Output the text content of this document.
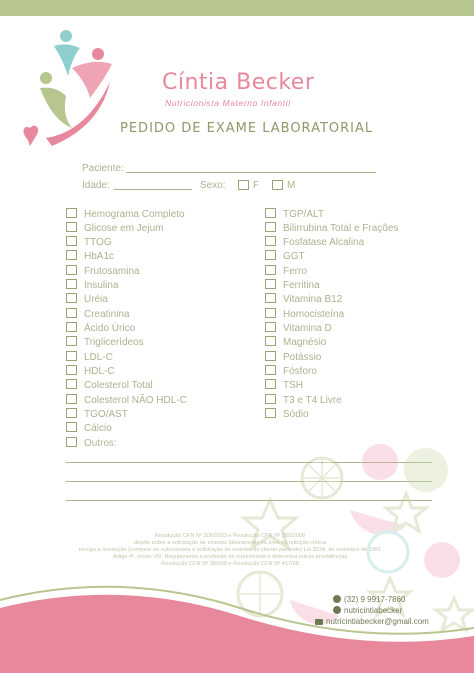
Cíntia Becker
Nutricionista Materno Infantil
PEDIDO DE EXAME LABORATORIAL
Paciente:
Idade:	Sexo:	F	M
Hemograma Completo
Glicose em Jejum
TTOG
HbA1c
Frutosamina
Insulina
Uréia
Creatinina
Ácido Úrico
Triglicerídeos
LDL-C
HDL-C
Colesterol Total
Colesterol NÃO HDL-C
TGO/AST
Cálcio
Outros:
TGP/ALT
Bilirrubina Total e Frações
Fosfatase Alcalina
GGT
Ferro
Ferritina
Vitamina B12
Homocisteína
Vitamina D
Magnésio
Potássio
Fósforo
TSH
T3 e T4 Livre
Sódio
Resolução CFN Nº 306/2003 e Resolução CFN Nº 380/2000
dispõe sobre a solicitação de exames laboratoriais na área da nutrição clínica
revoga a resolução (compete ao nutricionista a solicitação de exames do cliente-paciente) Lei 8234, de setembro de 1991
Artigo 4º, inciso VIII. Regulamenta a profissão de nutricionista e determina outras providências
Resolução CFN Nº 380/05 e Resolução CFN Nº 417/08
(32) 9 9917-7860
nutricintiabecker
nutricintiabecker@gmail.com
